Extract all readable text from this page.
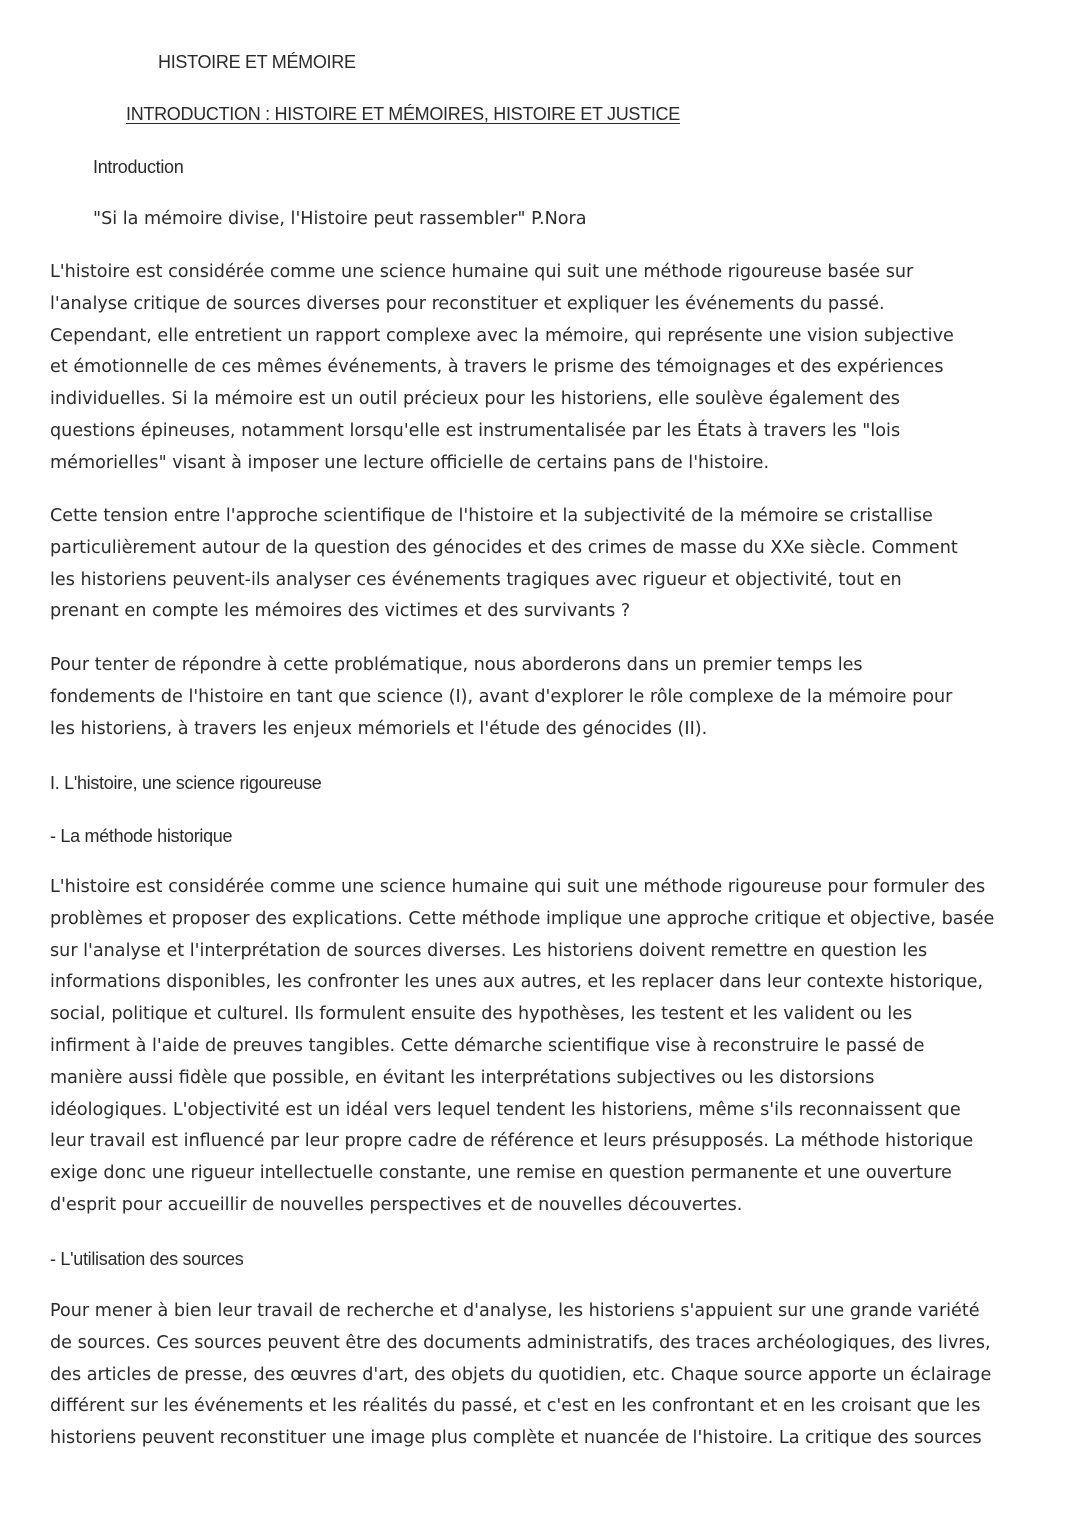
HISTOIRE ET MÉMOIRE
INTRODUCTION : HISTOIRE ET MÉMOIRES, HISTOIRE ET JUSTICE
Introduction
"Si la mémoire divise, l'Histoire peut rassembler" P.Nora
L'histoire est considérée comme une science humaine qui suit une méthode rigoureuse basée sur
l'analyse critique de sources diverses pour reconstituer et expliquer les événements du passé.
Cependant, elle entretient un rapport complexe avec la mémoire, qui représente une vision subjective
et émotionnelle de ces mêmes événements, à travers le prisme des témoignages et des expériences
individuelles. Si la mémoire est un outil précieux pour les historiens, elle soulève également des
questions épineuses, notamment lorsqu'elle est instrumentalisée par les États à travers les "lois
mémorielles" visant à imposer une lecture officielle de certains pans de l'histoire.
Cette tension entre l'approche scientifique de l'histoire et la subjectivité de la mémoire se cristallise
particulièrement autour de la question des génocides et des crimes de masse du XXe siècle. Comment
les historiens peuvent-ils analyser ces événements tragiques avec rigueur et objectivité, tout en
prenant en compte les mémoires des victimes et des survivants ?
Pour tenter de répondre à cette problématique, nous aborderons dans un premier temps les
fondements de l'histoire en tant que science (I), avant d'explorer le rôle complexe de la mémoire pour
les historiens, à travers les enjeux mémoriels et l'étude des génocides (II).
I. L'histoire, une science rigoureuse
- La méthode historique
L'histoire est considérée comme une science humaine qui suit une méthode rigoureuse pour formuler des
problèmes et proposer des explications. Cette méthode implique une approche critique et objective, basée
sur l'analyse et l'interprétation de sources diverses. Les historiens doivent remettre en question les
informations disponibles, les confronter les unes aux autres, et les replacer dans leur contexte historique,
social, politique et culturel. Ils formulent ensuite des hypothèses, les testent et les valident ou les
infirment à l'aide de preuves tangibles. Cette démarche scientifique vise à reconstruire le passé de
manière aussi fidèle que possible, en évitant les interprétations subjectives ou les distorsions
idéologiques. L'objectivité est un idéal vers lequel tendent les historiens, même s'ils reconnaissent que
leur travail est influencé par leur propre cadre de référence et leurs présupposés. La méthode historique
exige donc une rigueur intellectuelle constante, une remise en question permanente et une ouverture
d'esprit pour accueillir de nouvelles perspectives et de nouvelles découvertes.
- L'utilisation des sources
Pour mener à bien leur travail de recherche et d'analyse, les historiens s'appuient sur une grande variété
de sources. Ces sources peuvent être des documents administratifs, des traces archéologiques, des livres,
des articles de presse, des œuvres d'art, des objets du quotidien, etc. Chaque source apporte un éclairage
différent sur les événements et les réalités du passé, et c'est en les confrontant et en les croisant que les
historiens peuvent reconstituer une image plus complète et nuancée de l'histoire. La critique des sources
